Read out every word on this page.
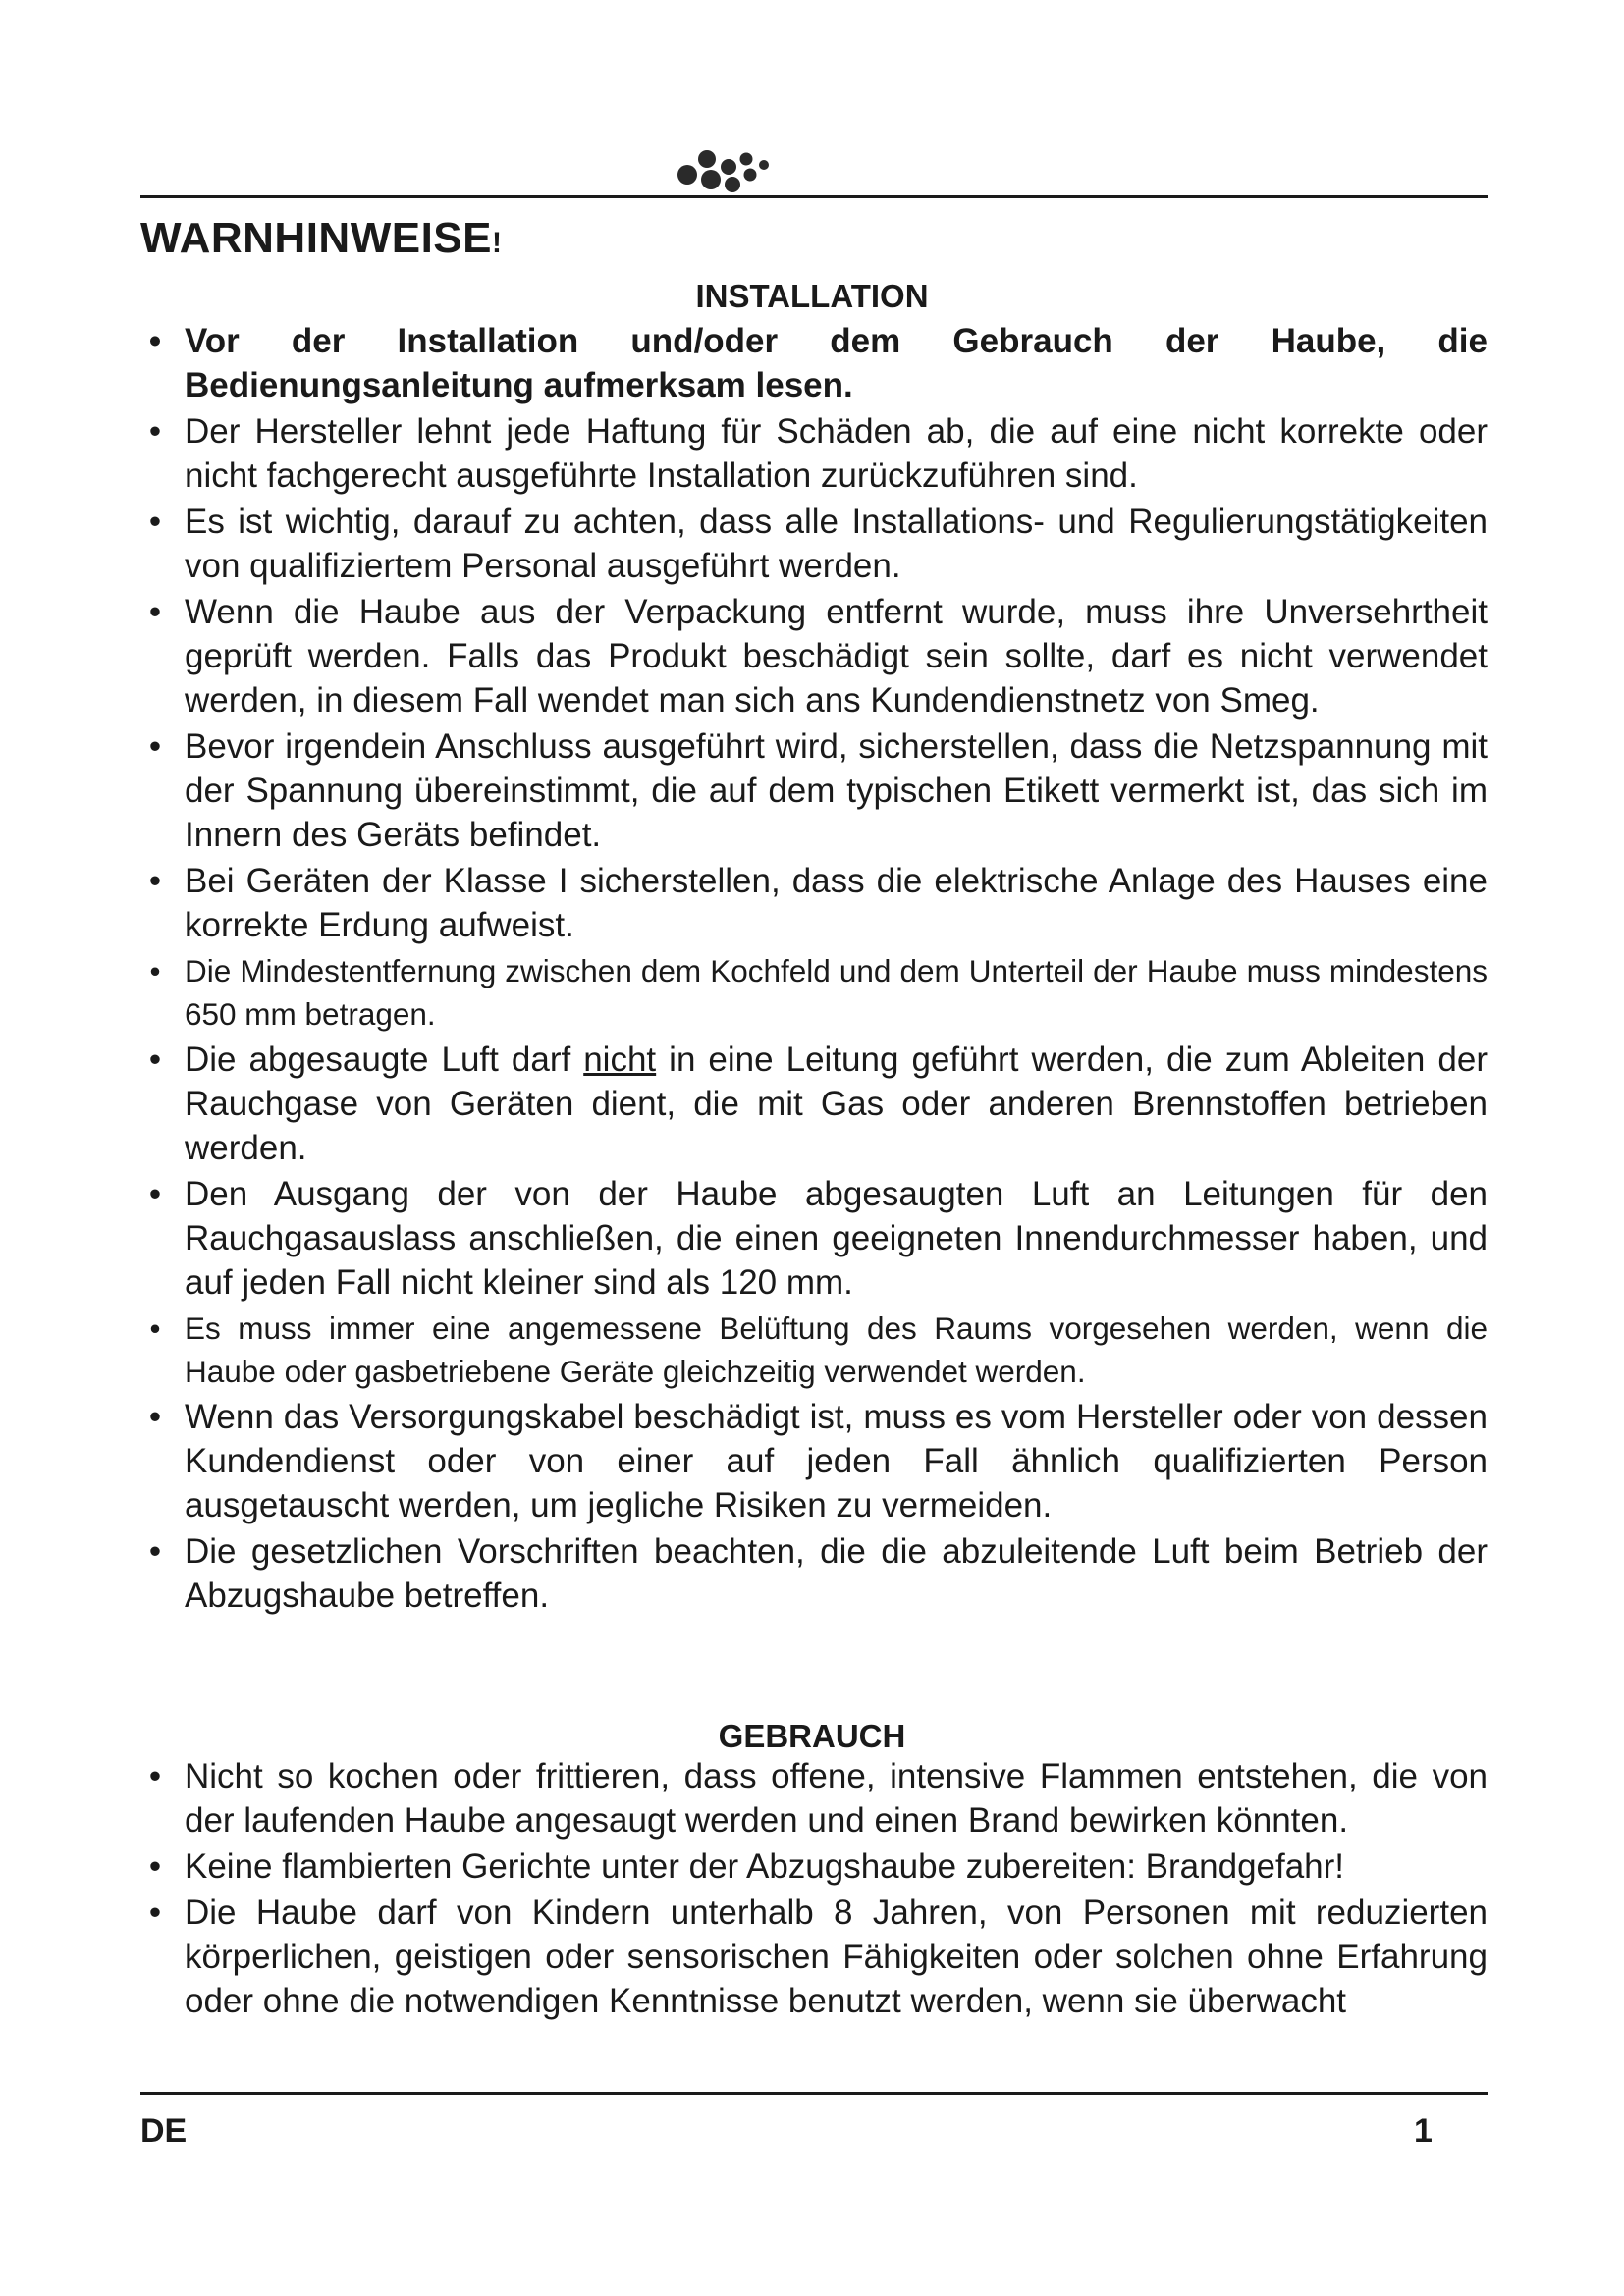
WARNHINWEISE!
INSTALLATION
• Vor der Installation und/oder dem Gebrauch der Haube, die Bedienungsanleitung aufmerksam lesen.
• Der Hersteller lehnt jede Haftung für Schäden ab, die auf eine nicht korrekte oder nicht fachgerecht ausgeführte Installation zurückzuführen sind.
• Es ist wichtig, darauf zu achten, dass alle Installations- und Regulierungstätigkeiten von qualifiziertem Personal ausgeführt werden.
• Wenn die Haube aus der Verpackung entfernt wurde, muss ihre Unversehrtheit geprüft werden. Falls das Produkt beschädigt sein sollte, darf es nicht verwendet werden, in diesem Fall wendet man sich ans Kundendienstnetz von Smeg.
• Bevor irgendein Anschluss ausgeführt wird, sicherstellen, dass die Netzspannung mit der Spannung übereinstimmt, die auf dem typischen Etikett vermerkt ist, das sich im Innern des Geräts befindet.
• Bei Geräten der Klasse I sicherstellen, dass die elektrische Anlage des Hauses eine korrekte Erdung aufweist.
• Die Mindestentfernung zwischen dem Kochfeld und dem Unterteil der Haube muss mindestens 650 mm betragen.
• Die abgesaugte Luft darf nicht in eine Leitung geführt werden, die zum Ableiten der Rauchgase von Geräten dient, die mit Gas oder anderen Brennstoffen betrieben werden.
• Den Ausgang der von der Haube abgesaugten Luft an Leitungen für den Rauchgasauslass anschließen, die einen geeigneten Innendurchmesser haben, und auf jeden Fall nicht kleiner sind als 120 mm.
• Es muss immer eine angemessene Belüftung des Raums vorgesehen werden, wenn die Haube oder gasbetriebene Geräte gleichzeitig verwendet werden.
• Wenn das Versorgungskabel beschädigt ist, muss es vom Hersteller oder von dessen Kundendienst oder von einer auf jeden Fall ähnlich qualifizierten Person ausgetauscht werden, um jegliche Risiken zu vermeiden.
• Die gesetzlichen Vorschriften beachten, die die abzuleitende Luft beim Betrieb der Abzugshaube betreffen.
GEBRAUCH
• Nicht so kochen oder frittieren, dass offene, intensive Flammen entstehen, die von der laufenden Haube angesaugt werden und einen Brand bewirken könnten.
• Keine flambierten Gerichte unter der Abzugshaube zubereiten: Brandgefahr!
• Die Haube darf von Kindern unterhalb 8 Jahren, von Personen mit reduzierten körperlichen, geistigen oder sensorischen Fähigkeiten oder solchen ohne Erfahrung oder ohne die notwendigen Kenntnisse benutzt werden, wenn sie überwacht
DE	1
